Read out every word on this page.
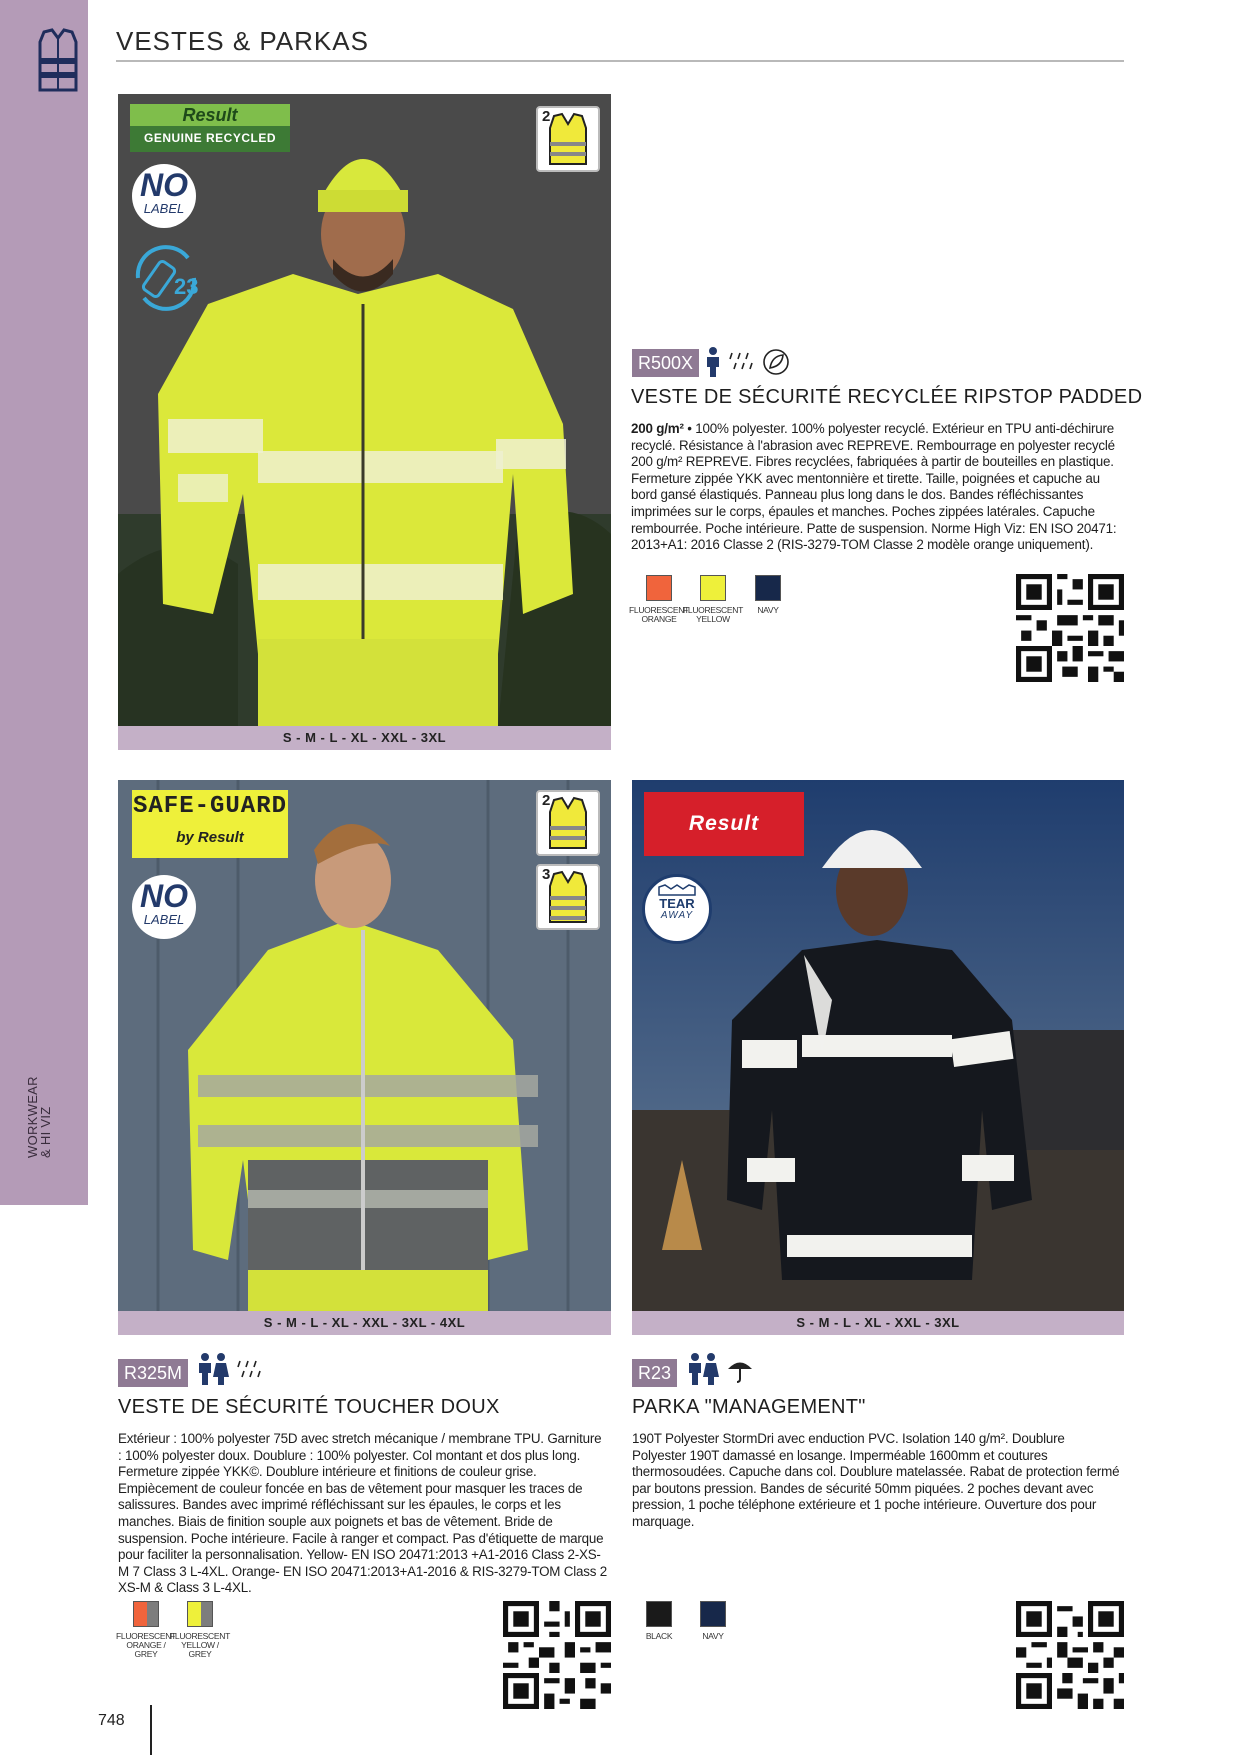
WORKWEAR
& HI VIZ
VESTES & PARKAS
Result
GENUINE RECYCLED
NO
LABEL
23
2
S - M - L - XL - XXL - 3XL
R500X
VESTE DE SÉCURITÉ RECYCLÉE RIPSTOP PADDED

200 g/m² • 100% polyester. 100% polyester recyclé. Extérieur en TPU anti-déchirure recyclé. Résistance à l'abrasion avec REPREVE. Rembourrage en polyester recyclé 200 g/m² REPREVE. Fibres recyclées, fabriquées à partir de bouteilles en plastique. Fermeture zippée YKK avec mentonnière et tirette. Taille, poignées et capuche au bord gansé élastiqués. Panneau plus long dans le dos. Bandes réfléchissantes imprimées sur le corps, épaules et manches. Poches zippées latérales. Capuche rembourrée. Poche intérieure. Patte de suspension. Norme High Viz: EN ISO 20471: 2013+A1: 2016 Classe 2 (RIS-3279-TOM Classe 2 modèle orange uniquement).

FLUORESCENT ORANGE
FLUORESCENT YELLOW
NAVY
SAFE-GUARD
by Result
NO
LABEL
2
3
S - M - L - XL - XXL - 3XL - 4XL
R325M
VESTE DE SÉCURITÉ TOUCHER DOUX

Extérieur : 100% polyester 75D avec stretch mécanique / membrane TPU. Garniture : 100% polyester doux. Doublure : 100% polyester. Col montant et dos plus long. Fermeture zippée YKK©. Doublure intérieure et finitions de couleur grise. Empiècement de couleur foncée en bas de vêtement pour masquer les traces de salissures. Bandes avec imprimé réfléchissant sur les épaules, le corps et les manches. Biais de finition souple aux poignets et bas de vêtement. Bride de suspension. Poche intérieure. Facile à ranger et compact. Pas d'étiquette de marque pour faciliter la personnalisation. Yellow- EN ISO 20471:2013 +A1-2016 Class 2-XS-M 7 Class 3 L-4XL. Orange- EN ISO 20471:2013+A1-2016 & RIS-3279-TOM Class 2 XS-M & Class 3 L-4XL.

FLUORESCENT ORANGE / GREY
FLUORESCENT YELLOW / GREY
Result
TEAR
AWAY
S - M - L - XL - XXL - 3XL
R23
PARKA "MANAGEMENT"

190T Polyester StormDri avec enduction PVC. Isolation 140 g/m². Doublure Polyester 190T damassé en losange. Imperméable 1600mm et coutures thermosoudées. Capuche dans col. Doublure matelassée. Rabat de protection fermé par boutons pression. Bandes de sécurité 50mm piquées. 2 poches devant avec pression, 1 poche téléphone extérieure et 1 poche intérieure. Ouverture dos pour marquage.

BLACK	NAVY
748
